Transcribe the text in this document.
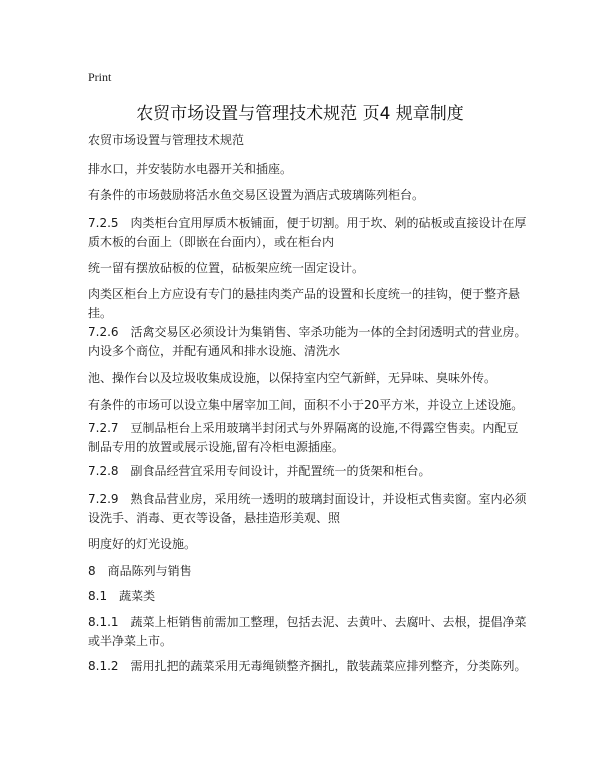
Print
农贸市场设置与管理技术规范 页4 规章制度
农贸市场设置与管理技术规范
排水口，并安装防水电器开关和插座。
有条件的市场鼓励将活水鱼交易区设置为酒店式玻璃陈列柜台。
7.2.5　肉类柜台宜用厚质木板铺面，便于切割。用于坎、剁的砧板或直接设计在厚
质木板的台面上（即嵌在台面内），或在柜台内
统一留有摆放砧板的位置，砧板架应统一固定设计。
肉类区柜台上方应设有专门的悬挂肉类产品的设置和长度统一的挂钩，便于整齐悬
挂。
7.2.6　活禽交易区必须设计为集销售、宰杀功能为一体的全封闭透明式的营业房。
内设多个商位，并配有通风和排水设施、清洗水
池、操作台以及垃圾收集成设施，以保持室内空气新鲜，无异味、臭味外传。
有条件的市场可以设立集中屠宰加工间，面积不小于20平方米，并设立上述设施。
7.2.7　豆制品柜台上采用玻璃半封闭式与外界隔离的设施,不得露空售卖。内配豆
制品专用的放置或展示设施,留有冷柜电源插座。
7.2.8　副食品经营宜采用专间设计，并配置统一的货架和柜台。
7.2.9　熟食品营业房，采用统一透明的玻璃封面设计，并设柜式售卖窗。室内必须
设洗手、消毒、更衣等设备，悬挂造形美观、照
明度好的灯光设施。
8　商品陈列与销售
8.1　蔬菜类
8.1.1　蔬菜上柜销售前需加工整理，包括去泥、去黄叶、去腐叶、去根，提倡净菜
或半净菜上市。
8.1.2　需用扎把的蔬菜采用无毒绳锁整齐捆扎，散装蔬菜应排列整齐，分类陈列。
